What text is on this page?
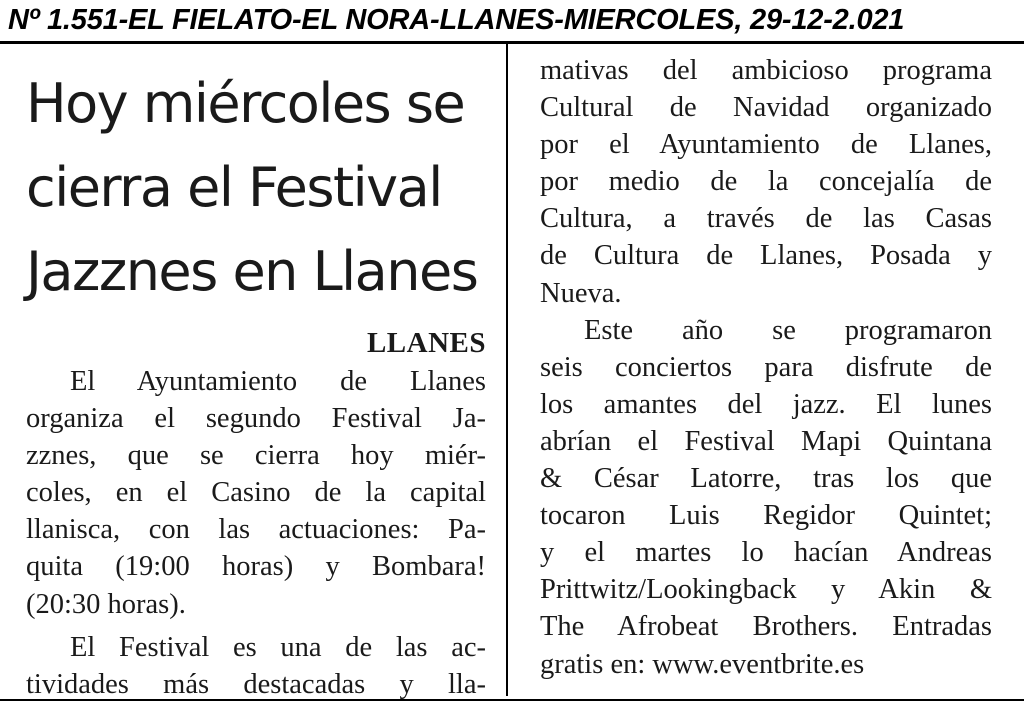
Nº 1.551-EL FIELATO-EL NORA-LLANES-MIERCOLES, 29-12-2.021
Hoy miércoles se
cierra el Festival
Jazznes en Llanes
LLANES
El Ayuntamiento de Llanes
organiza el segundo Festival Ja-
zznes, que se cierra hoy miér-
coles, en el Casino de la capital
llanisca, con las actuaciones: Pa-
quita (19:00 horas) y Bombara!
(20:30 horas).
El Festival es una de las ac-
tividades más destacadas y lla-
mativas del ambicioso programa
Cultural de Navidad organizado
por el Ayuntamiento de Llanes,
por medio de la concejalía de
Cultura, a través de las Casas
de Cultura de Llanes, Posada y
Nueva.
Este año se programaron
seis conciertos para disfrute de
los amantes del jazz. El lunes
abrían el Festival Mapi Quintana
& César Latorre, tras los que
tocaron Luis Regidor Quintet;
y el martes lo hacían Andreas
Prittwitz/Lookingback y Akin &
The Afrobeat Brothers. Entradas
gratis en: www.eventbrite.es
